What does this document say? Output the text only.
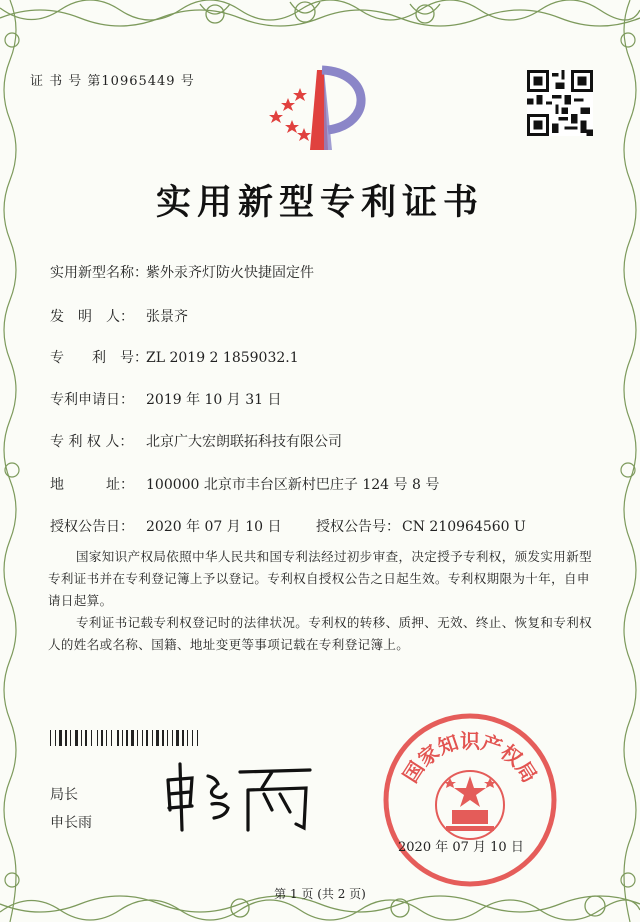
证 书 号 第10965449 号
实用新型专利证书
实用新型名称：紫外汞齐灯防火快捷固定件
发　明　人： 张景齐
专　　利　号：ZL 2019 2 1859032.1
专利申请日： 2019 年 10 月 31 日
专 利 权 人： 北京广大宏朗联拓科技有限公司
地　　　址： 100000 北京市丰台区新村巴庄子 124 号 8 号
授权公告日： 2020 年 07 月 10 日 授权公告号： CN 210964560 U
国家知识产权局依照中华人民共和国专利法经过初步审查，决定授予专利权，颁发实用新型专利证书并在专利登记簿上予以登记。专利权自授权公告之日起生效。专利权期限为十年，自申请日起算。
专利证书记载专利权登记时的法律状况。专利权的转移、质押、无效、终止、恢复和专利权人的姓名或名称、国籍、地址变更等事项记载在专利登记簿上。
局长
申长雨
国家知识产权局
2020 年 07 月 10 日
第 1 页 (共 2 页)
